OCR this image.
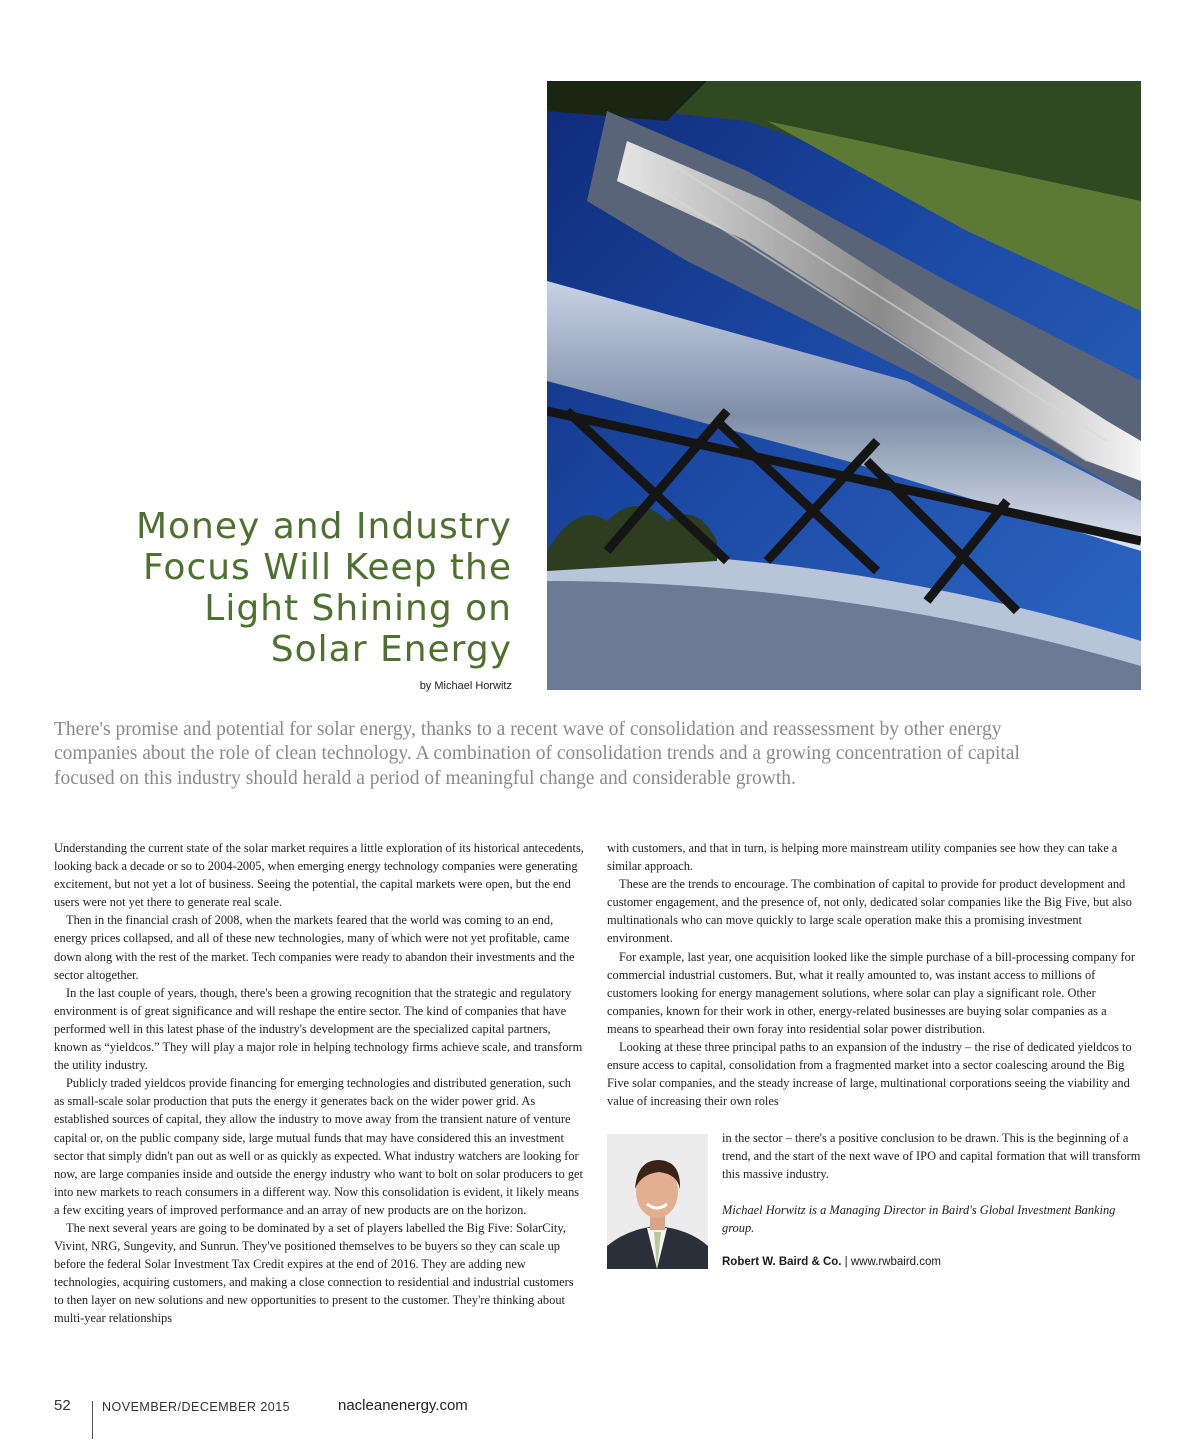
Money and Industry
Focus Will Keep the
Light Shining on
Solar Energy
by Michael Horwitz

There's promise and potential for solar energy, thanks to a recent wave of consolidation and reassessment by other energy companies about the role of clean technology. A combination of consolidation trends and a growing concentration of capital focused on this industry should herald a period of meaningful change and considerable growth.

Understanding the current state of the solar market requires a little exploration of its historical antecedents, looking back a decade or so to 2004-2005, when emerging energy technology companies were generating excitement, but not yet a lot of business. Seeing the potential, the capital markets were open, but the end users were not yet there to generate real scale.

Then in the financial crash of 2008, when the markets feared that the world was coming to an end, energy prices collapsed, and all of these new technologies, many of which were not yet profitable, came down along with the rest of the market. Tech companies were ready to abandon their investments and the sector altogether.

In the last couple of years, though, there's been a growing recognition that the strategic and regulatory environment is of great significance and will reshape the entire sector. The kind of companies that have performed well in this latest phase of the industry's development are the specialized capital partners, known as “yieldcos.” They will play a major role in helping technology firms achieve scale, and transform the utility industry.

Publicly traded yieldcos provide financing for emerging technologies and distributed generation, such as small-scale solar production that puts the energy it generates back on the wider power grid. As established sources of capital, they allow the industry to move away from the transient nature of venture capital or, on the public company side, large mutual funds that may have considered this an investment sector that simply didn't pan out as well or as quickly as expected. What industry watchers are looking for now, are large companies inside and outside the energy industry who want to bolt on solar producers to get into new markets to reach consumers in a different way. Now this consolidation is evident, it likely means a few exciting years of improved performance and an array of new products are on the horizon.

The next several years are going to be dominated by a set of players labelled the Big Five: SolarCity, Vivint, NRG, Sungevity, and Sunrun. They've positioned themselves to be buyers so they can scale up before the federal Solar Investment Tax Credit expires at the end of 2016. They are adding new technologies, acquiring customers, and making a close connection to residential and industrial customers to then layer on new solutions and new opportunities to present to the customer. They're thinking about multi-year relationships

with customers, and that in turn, is helping more mainstream utility companies see how they can take a similar approach.

These are the trends to encourage. The combination of capital to provide for product development and customer engagement, and the presence of, not only, dedicated solar companies like the Big Five, but also multinationals who can move quickly to large scale operation make this a promising investment environment.

For example, last year, one acquisition looked like the simple purchase of a bill-processing company for commercial industrial customers. But, what it really amounted to, was instant access to millions of customers looking for energy management solutions, where solar can play a significant role. Other companies, known for their work in other, energy-related businesses are buying solar companies as a means to spearhead their own foray into residential solar power distribution.

Looking at these three principal paths to an expansion of the industry – the rise of dedicated yieldcos to ensure access to capital, consolidation from a fragmented market into a sector coalescing around the Big Five solar companies, and the steady increase of large, multinational corporations seeing the viability and value of increasing their own roles

in the sector – there's a positive conclusion to be drawn. This is the beginning of a trend, and the start of the next wave of IPO and capital formation that will transform this massive industry.

Michael Horwitz is a Managing Director in Baird's Global Investment Banking group.

Robert W. Baird & Co. | www.rwbaird.com
52	NOVEMBER/DECEMBER 2015	nacleanenergy.com
